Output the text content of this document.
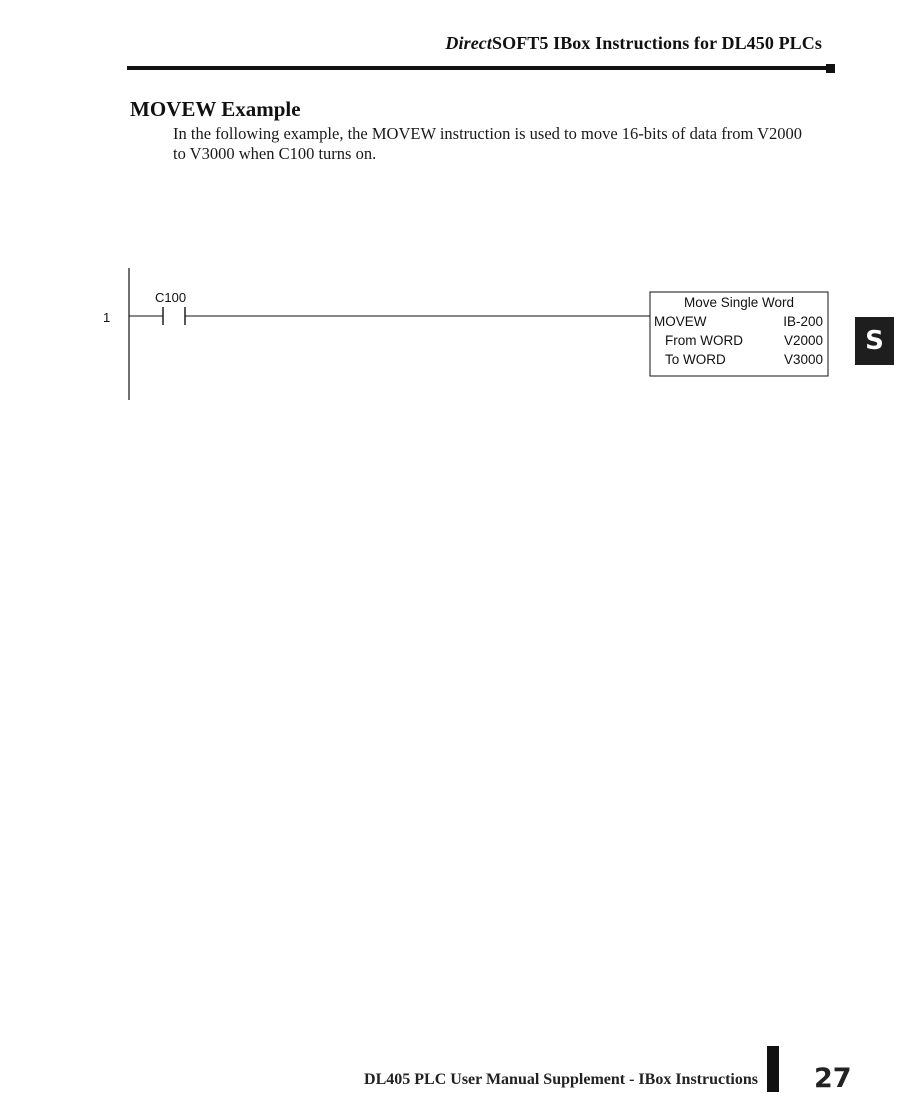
DirectSOFT5 IBox Instructions for DL450 PLCs
MOVEW Example
In the following example, the MOVEW instruction is used to move 16-bits of data from V2000 to V3000 when C100 turns on.
S
1
C100	Move Single Word
MOVEW	IB-200
From WORD	V2000
To WORD	V3000
DL405 PLC User Manual Supplement - IBox Instructions 27
